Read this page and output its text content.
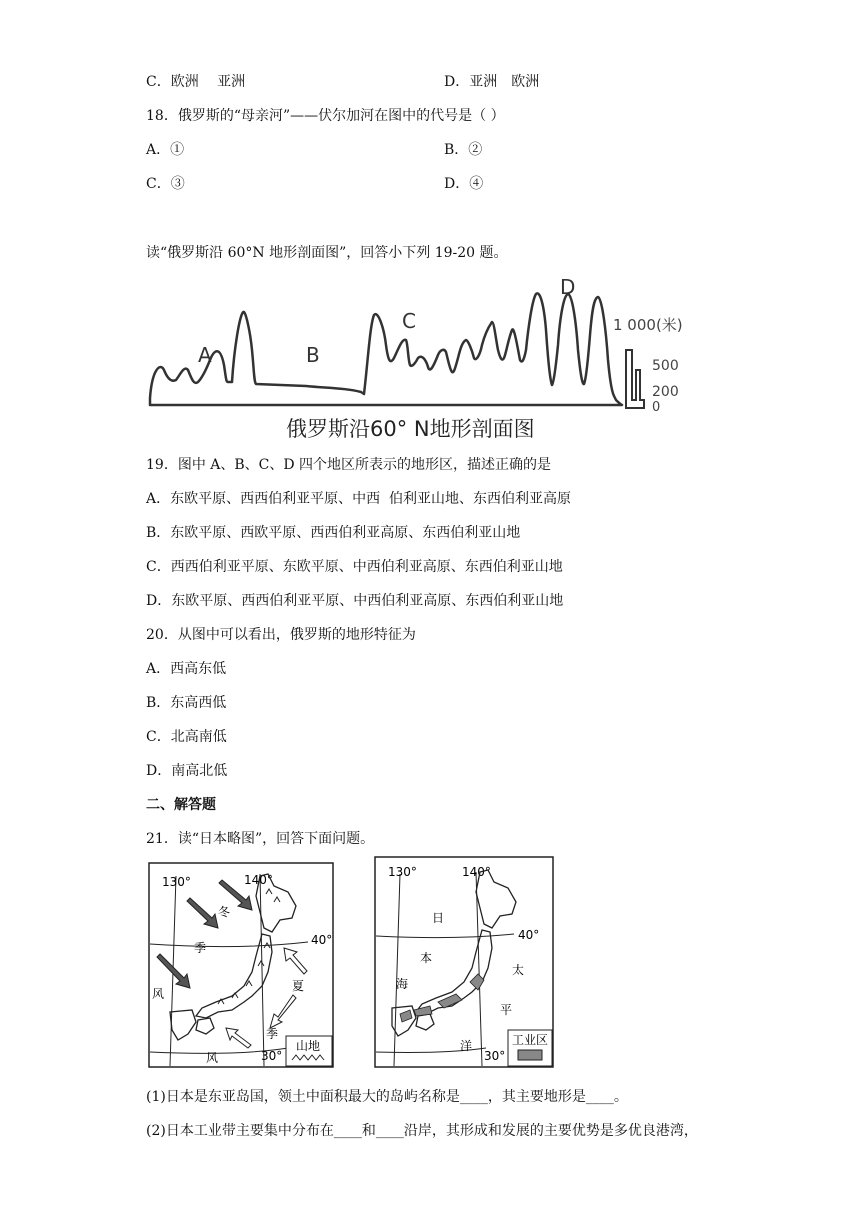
C．欧洲　 亚洲	D．亚洲　欧洲
18．俄罗斯的“母亲河”——伏尔加河在图中的代号是（ ）
A．①	B．②
C．③	D．④
读“俄罗斯沿 60°N 地形剖面图”，回答小下列 19-20 题。
A	B
C
D
1 000(米)
500
200
0
俄罗斯沿60° N地形剖面图
19．图中 A、B、C、D 四个地区所表示的地形区，描述正确的是
A．东欧平原、西西伯利亚平原、中西  伯利亚山地、东西伯利亚高原
B．东欧平原、西欧平原、西西伯利亚高原、东西伯利亚山地
C．西西伯利亚平原、东欧平原、中西伯利亚高原、东西伯利亚山地
D．东欧平原、西西伯利亚平原、中西伯利亚高原、东西伯利亚山地
20．从图中可以看出，俄罗斯的地形特征为
A．西高东低
B．东高西低
C．北高南低
D．南高北低
二、解答题
21．读“日本略图”，回答下面问题。
130°	140°
40°
30°
冬
季
风
夏
季
风
山地
130°	140°
40°
30°
日
本
海
太
平
洋	工业区
(1)日本是东亚岛国，领土中面积最大的岛屿名称是____，其主要地形是____。
(2)日本工业带主要集中分布在____和____沿岸，其形成和发展的主要优势是多优良港湾，
